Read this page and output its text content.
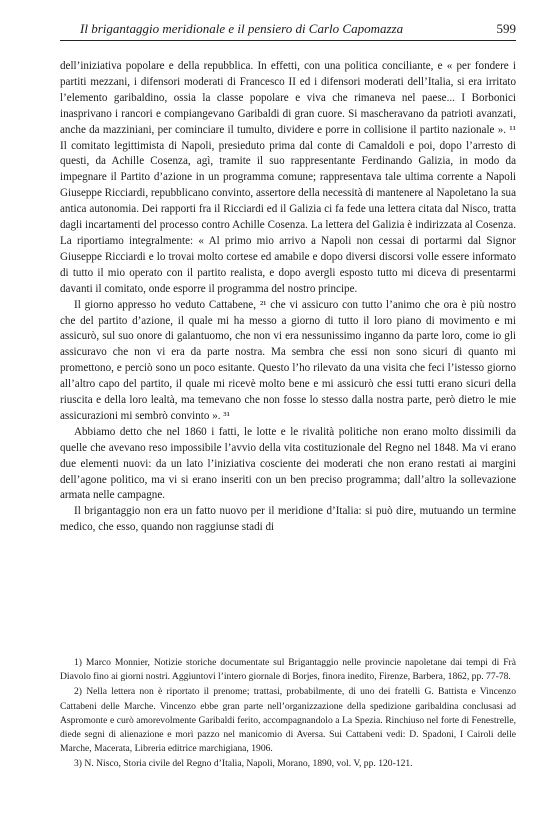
Il brigantaggio meridionale e il pensiero di Carlo Capomazza	599

dell’iniziativa popolare e della repubblica. In effetti, con una politica conciliante, e « per fondere i partiti mezzani, i difensori moderati di Francesco II ed i difensori moderati dell’Italia, si era irritato l’elemento garibaldino, ossia la classe popolare e viva che rimaneva nel paese... I Borbonici inasprivano i rancori e compiangevano Garibaldi di gran cuore. Si mascheravano da patrioti avanzati, anche da mazziniani, per cominciare il tumulto, dividere e porre in collisione il partito nazionale ». ¹¹ Il comitato legittimista di Napoli, presieduto prima dal conte di Camaldoli e poi, dopo l’arresto di questi, da Achille Cosenza, agì, tramite il suo rappresentante Ferdinando Galizia, in modo da impegnare il Partito d’azione in un programma comune; rappresentava tale ultima corrente a Napoli Giuseppe Ricciardi, repubblicano convinto, assertore della necessità di mantenere al Napoletano la sua antica autonomia. Dei rapporti fra il Ricciardi ed il Galizia ci fa fede una lettera citata dal Nisco, tratta dagli incartamenti del processo contro Achille Cosenza. La lettera del Galizia è indirizzata al Cosenza. La riportiamo integralmente: « Al primo mio arrivo a Napoli non cessai di portarmi dal Signor Giuseppe Ricciardi e lo trovai molto cortese ed amabile e dopo diversi discorsi volle essere informato di tutto il mio operato con il partito realista, e dopo avergli esposto tutto mi diceva di presentarmi davanti il comitato, onde esporre il programma del nostro principe.

Il giorno appresso ho veduto Cattabene, ²¹ che vi assicuro con tutto l’animo che ora è più nostro che del partito d’azione, il quale mi ha messo a giorno di tutto il loro piano di movimento e mi assicurò, sul suo onore di galantuomo, che non vi era nessunissimo inganno da parte loro, come io gli assicuravo che non vi era da parte nostra. Ma sembra che essi non sono sicuri di quanto mi promettono, e perciò sono un poco esitante. Questo l’ho rilevato da una visita che feci l’istesso giorno all’altro capo del partito, il quale mi ricevè molto bene e mi assicurò che essi tutti erano sicuri della riuscita e della loro lealtà, ma temevano che non fosse lo stesso dalla nostra parte, però dietro le mie assicurazioni mi sembrò convinto ». ³¹

Abbiamo detto che nel 1860 i fatti, le lotte e le rivalità politiche non erano molto dissimili da quelle che avevano reso impossibile l’avvio della vita costituzionale del Regno nel 1848. Ma vi erano due elementi nuovi: da un lato l’iniziativa cosciente dei moderati che non erano restati ai margini dell’agone politico, ma vi si erano inseriti con un ben preciso programma; dall’altro la sollevazione armata nelle campagne.

Il brigantaggio non era un fatto nuovo per il meridione d’Italia: si può dire, mutuando un termine medico, che esso, quando non raggiunse stadi di

1) Marco Monnier, Notizie storiche documentate sul Brigantaggio nelle provincie napoletane dai tempi di Frà Diavolo fino ai giorni nostri. Aggiuntovi l’intero giornale di Borjes, finora inedito, Firenze, Barbera, 1862, pp. 77-78.

2) Nella lettera non è riportato il prenome; trattasi, probabilmente, di uno dei fratelli G. Battista e Vincenzo Cattabeni delle Marche. Vincenzo ebbe gran parte nell’organizzazione della spedizione garibaldina conclusasi ad Aspromonte e curò amorevolmente Garibaldi ferito, accompagnandolo a La Spezia. Rinchiuso nel forte di Fenestrelle, diede segni di alienazione e morì pazzo nel manicomio di Aversa. Sui Cattabeni vedi: D. Spadoni, I Cairoli delle Marche, Macerata, Libreria editrice marchigiana, 1906.

3) N. Nisco, Storia civile del Regno d’Italia, Napoli, Morano, 1890, vol. V, pp. 120-121.
